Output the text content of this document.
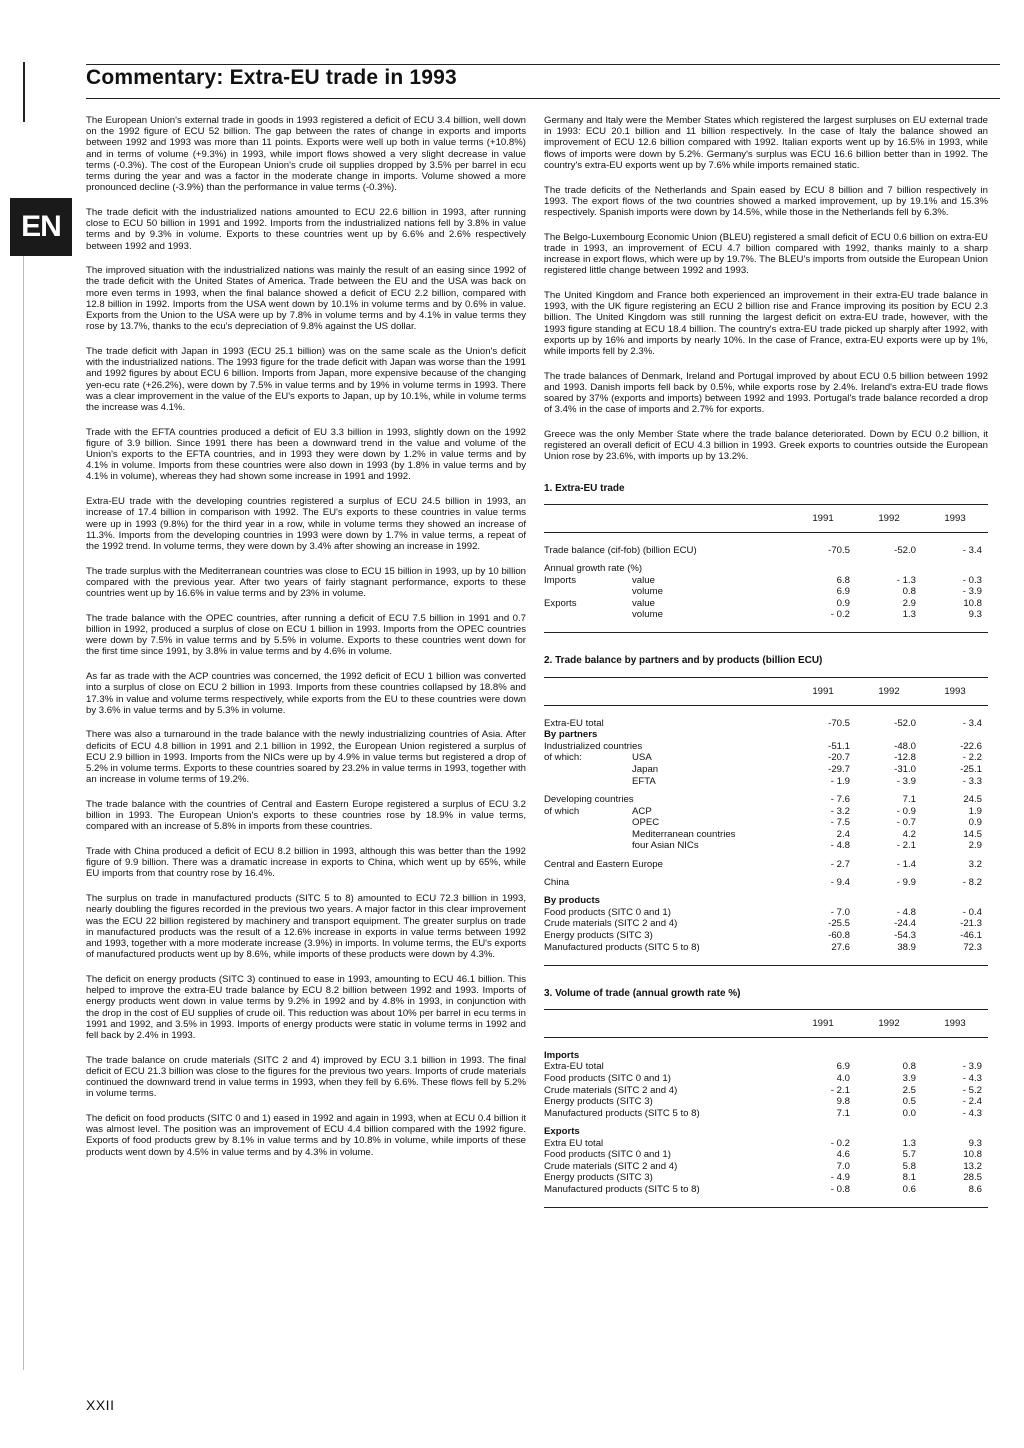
EN
Commentary: Extra-EU trade in 1993

The European Union's external trade in goods in 1993 registered a deficit of ECU 3.4 billion, well down on the 1992 figure of ECU 52 billion. The gap between the rates of change in exports and imports between 1992 and 1993 was more than 11 points. Exports were well up both in value terms (+10.8%) and in terms of volume (+9.3%) in 1993, while import flows showed a very slight decrease in value terms (-0.3%). The cost of the European Union's crude oil supplies dropped by 3.5% per barrel in ecu terms during the year and was a factor in the moderate change in imports. Volume showed a more pronounced decline (-3.9%) than the performance in value terms (-0.3%).

The trade deficit with the industrialized nations amounted to ECU 22.6 billion in 1993, after running close to ECU 50 billion in 1991 and 1992. Imports from the industrialized nations fell by 3.8% in value terms and by 9.3% in volume. Exports to these countries went up by 6.6% and 2.6% respectively between 1992 and 1993.

The improved situation with the industrialized nations was mainly the result of an easing since 1992 of the trade deficit with the United States of America. Trade between the EU and the USA was back on more even terms in 1993, when the final balance showed a deficit of ECU 2.2 billion, compared with 12.8 billion in 1992. Imports from the USA went down by 10.1% in volume terms and by 0.6% in value. Exports from the Union to the USA were up by 7.8% in volume terms and by 4.1% in value terms they rose by 13.7%, thanks to the ecu's depreciation of 9.8% against the US dollar.

The trade deficit with Japan in 1993 (ECU 25.1 billion) was on the same scale as the Union's deficit with the industrialized nations. The 1993 figure for the trade deficit with Japan was worse than the 1991 and 1992 figures by about ECU 6 billion. Imports from Japan, more expensive because of the changing yen-ecu rate (+26.2%), were down by 7.5% in value terms and by 19% in volume terms in 1993. There was a clear improvement in the value of the EU's exports to Japan, up by 10.1%, while in volume terms the increase was 4.1%.

Trade with the EFTA countries produced a deficit of EU 3.3 billion in 1993, slightly down on the 1992 figure of 3.9 billion. Since 1991 there has been a downward trend in the value and volume of the Union's exports to the EFTA countries, and in 1993 they were down by 1.2% in value terms and by 4.1% in volume. Imports from these countries were also down in 1993 (by 1.8% in value terms and by 4.1% in volume), whereas they had shown some increase in 1991 and 1992.

Extra-EU trade with the developing countries registered a surplus of ECU 24.5 billion in 1993, an increase of 17.4 billion in comparison with 1992. The EU's exports to these countries in value terms were up in 1993 (9.8%) for the third year in a row, while in volume terms they showed an increase of 11.3%. Imports from the developing countries in 1993 were down by 1.7% in value terms, a repeat of the 1992 trend. In volume terms, they were down by 3.4% after showing an increase in 1992.

The trade surplus with the Mediterranean countries was close to ECU 15 billion in 1993, up by 10 billion compared with the previous year. After two years of fairly stagnant performance, exports to these countries went up by 16.6% in value terms and by 23% in volume.

The trade balance with the OPEC countries, after running a deficit of ECU 7.5 billion in 1991 and 0.7 billion in 1992, produced a surplus of close on ECU 1 billion in 1993. Imports from the OPEC countries were down by 7.5% in value terms and by 5.5% in volume. Exports to these countries went down for the first time since 1991, by 3.8% in value terms and by 4.6% in volume.

As far as trade with the ACP countries was concerned, the 1992 deficit of ECU 1 billion was converted into a surplus of close on ECU 2 billion in 1993. Imports from these countries collapsed by 18.8% and 17.3% in value and volume terms respectively, while exports from the EU to these countries were down by 3.6% in value terms and by 5.3% in volume.

There was also a turnaround in the trade balance with the newly industrializing countries of Asia. After deficits of ECU 4.8 billion in 1991 and 2.1 billion in 1992, the European Union registered a surplus of ECU 2.9 billion in 1993. Imports from the NICs were up by 4.9% in value terms but registered a drop of 5.2% in volume terms. Exports to these countries soared by 23.2% in value terms in 1993, together with an increase in volume terms of 19.2%.

The trade balance with the countries of Central and Eastern Europe registered a surplus of ECU 3.2 billion in 1993. The European Union's exports to these countries rose by 18.9% in value terms, compared with an increase of 5.8% in imports from these countries.

Trade with China produced a deficit of ECU 8.2 billion in 1993, although this was better than the 1992 figure of 9.9 billion. There was a dramatic increase in exports to China, which went up by 65%, while EU imports from that country rose by 16.4%.

The surplus on trade in manufactured products (SITC 5 to 8) amounted to ECU 72.3 billion in 1993, nearly doubling the figures recorded in the previous two years. A major factor in this clear improvement was the ECU 22 billion registered by machinery and transport equipment. The greater surplus on trade in manufactured products was the result of a 12.6% increase in exports in value terms between 1992 and 1993, together with a more moderate increase (3.9%) in imports. In volume terms, the EU's exports of manufactured products went up by 8.6%, while imports of these products were down by 4.3%.

The deficit on energy products (SITC 3) continued to ease in 1993, amounting to ECU 46.1 billion. This helped to improve the extra-EU trade balance by ECU 8.2 billion between 1992 and 1993. Imports of energy products went down in value terms by 9.2% in 1992 and by 4.8% in 1993, in conjunction with the drop in the cost of EU supplies of crude oil. This reduction was about 10% per barrel in ecu terms in 1991 and 1992, and 3.5% in 1993. Imports of energy products were static in volume terms in 1992 and fell back by 2.4% in 1993.

The trade balance on crude materials (SITC 2 and 4) improved by ECU 3.1 billion in 1993. The final deficit of ECU 21.3 billion was close to the figures for the previous two years. Imports of crude materials continued the downward trend in value terms in 1993, when they fell by 6.6%. These flows fell by 5.2% in volume terms.

The deficit on food products (SITC 0 and 1) eased in 1992 and again in 1993, when at ECU 0.4 billion it was almost level. The position was an improvement of ECU 4.4 billion compared with the 1992 figure. Exports of food products grew by 8.1% in value terms and by 10.8% in volume, while imports of these products went down by 4.5% in value terms and by 4.3% in volume.

Germany and Italy were the Member States which registered the largest surpluses on EU external trade in 1993: ECU 20.1 billion and 11 billion respectively. In the case of Italy the balance showed an improvement of ECU 12.6 billion compared with 1992. Italian exports went up by 16.5% in 1993, while flows of imports were down by 5.2%. Germany's surplus was ECU 16.6 billion better than in 1992. The country's extra-EU exports went up by 7.6% while imports remained static.

The trade deficits of the Netherlands and Spain eased by ECU 8 billion and 7 billion respectively in 1993. The export flows of the two countries showed a marked improvement, up by 19.1% and 15.3% respectively. Spanish imports were down by 14.5%, while those in the Netherlands fell by 6.3%.

The Belgo-Luxembourg Economic Union (BLEU) registered a small deficit of ECU 0.6 billion on extra-EU trade in 1993, an improvement of ECU 4.7 billion compared with 1992, thanks mainly to a sharp increase in export flows, which were up by 19.7%. The BLEU's imports from outside the European Union registered little change between 1992 and 1993.

The United Kingdom and France both experienced an improvement in their extra-EU trade balance in 1993, with the UK figure registering an ECU 2 billion rise and France improving its position by ECU 2.3 billion. The United Kingdom was still running the largest deficit on extra-EU trade, however, with the 1993 figure standing at ECU 18.4 billion. The country's extra-EU trade picked up sharply after 1992, with exports up by 16% and imports by nearly 10%. In the case of France, extra-EU exports were up by 1%, while imports fell by 2.3%.

The trade balances of Denmark, Ireland and Portugal improved by about ECU 0.5 billion between 1992 and 1993. Danish imports fell back by 0.5%, while exports rose by 2.4%. Ireland's extra-EU trade flows soared by 37% (exports and imports) between 1992 and 1993. Portugal's trade balance recorded a drop of 3.4% in the case of imports and 2.7% for exports.

Greece was the only Member State where the trade balance deteriorated. Down by ECU 0.2 billion, it registered an overall deficit of ECU 4.3 billion in 1993. Greek exports to countries outside the European Union rose by 23.6%, with imports up by 13.2%.

1. Extra-EU trade
		1991	1992	1993
Trade balance (cif-fob) (billion ECU)		-70.5	-52.0	- 3.4
Annual growth rate (%)				
Imports	value	6.8	- 1.3	- 0.3
	volume	6.9	0.8	- 3.9
Exports	value	0.9	2.9	10.8
	volume	- 0.2	1.3	9.3
2. Trade balance by partners and by products (billion ECU)
		1991	1992	1993
Extra-EU total		-70.5	-52.0	- 3.4
By partners				
Industrialized countries		-51.1	-48.0	-22.6
of which:	USA	-20.7	-12.8	- 2.2
	Japan	-29.7	-31.0	-25.1
	EFTA	- 1.9	- 3.9	- 3.3
Developing countries		- 7.6	7.1	24.5
of which	ACP	- 3.2	- 0.9	1.9
	OPEC	- 7.5	- 0.7	0.9
	Mediterranean countries	2.4	4.2	14.5
	four Asian NICs	- 4.8	- 2.1	2.9
Central and Eastern Europe		- 2.7	- 1.4	3.2
China		- 9.4	- 9.9	- 8.2
By products				
Food products (SITC 0 and 1)		- 7.0	- 4.8	- 0.4
Crude materials (SITC 2 and 4)		-25.5	-24.4	-21.3
Energy products (SITC 3)		-60.8	-54.3	-46.1
Manufactured products (SITC 5 to 8)		27.6	38.9	72.3
3. Volume of trade (annual growth rate %)
	1991	1992	1993
Imports			
Extra-EU total	6.9	0.8	- 3.9
Food products (SITC 0 and 1)	4.0	3.9	- 4.3
Crude materials (SITC 2 and 4)	- 2.1	2.5	- 5.2
Energy products (SITC 3)	9.8	0.5	- 2.4
Manufactured products (SITC 5 to 8)	7.1	0.0	- 4.3
Exports			
Extra EU total	- 0.2	1.3	9.3
Food products (SITC 0 and 1)	4.6	5.7	10.8
Crude materials (SITC 2 and 4)	7.0	5.8	13.2
Energy products (SITC 3)	- 4.9	8.1	28.5
Manufactured products (SITC 5 to 8)	- 0.8	0.6	8.6
XXII
